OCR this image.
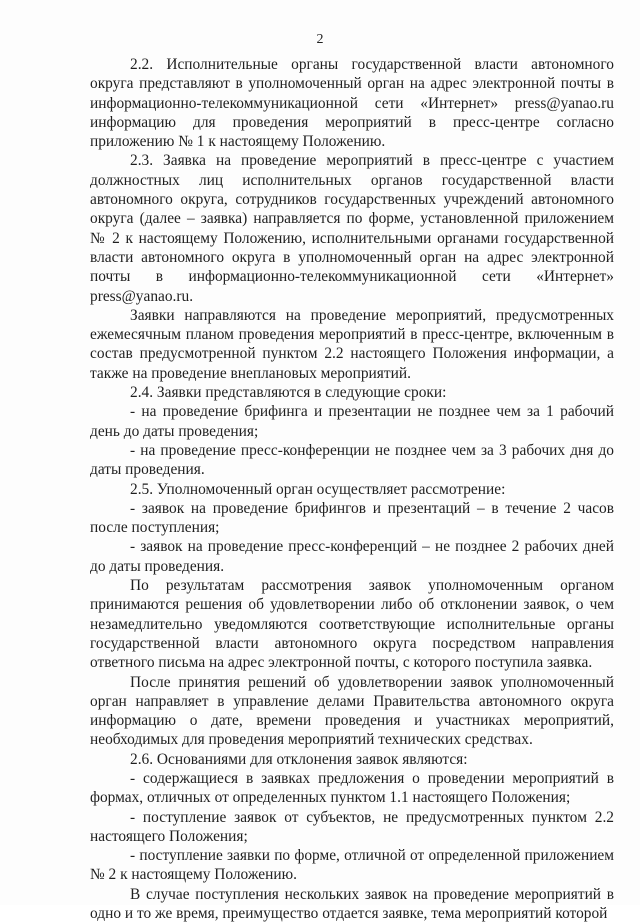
2

2.2. Исполнительные органы государственной власти автономного округа представляют в уполномоченный орган на адрес электронной почты в информационно-телекоммуникационной сети «Интернет» press@yanao.ru информацию для проведения мероприятий в пресс-центре согласно приложению № 1 к настоящему Положению.

2.3. Заявка на проведение мероприятий в пресс-центре с участием должностных лиц исполнительных органов государственной власти автономного округа, сотрудников государственных учреждений автономного округа (далее – заявка) направляется по форме, установленной приложением № 2 к настоящему Положению, исполнительными органами государственной власти автономного округа в уполномоченный орган на адрес электронной почты в информационно-телекоммуникационной сети «Интернет» press@yanao.ru.

Заявки направляются на проведение мероприятий, предусмотренных ежемесячным планом проведения мероприятий в пресс-центре, включенным в состав предусмотренной пунктом 2.2 настоящего Положения информации, а также на проведение внеплановых мероприятий.

2.4. Заявки представляются в следующие сроки:

- на проведение брифинга и презентации не позднее чем за 1 рабочий день до даты проведения;

- на проведение пресс-конференции не позднее чем за 3 рабочих дня до даты проведения.

2.5. Уполномоченный орган осуществляет рассмотрение:

- заявок на проведение брифингов и презентаций – в течение 2 часов после поступления;

- заявок на проведение пресс-конференций – не позднее 2 рабочих дней до даты проведения.

По результатам рассмотрения заявок уполномоченным органом принимаются решения об удовлетворении либо об отклонении заявок, о чем незамедлительно уведомляются соответствующие исполнительные органы государственной власти автономного округа посредством направления ответного письма на адрес электронной почты, с которого поступила заявка.

После принятия решений об удовлетворении заявок уполномоченный орган направляет в управление делами Правительства автономного округа информацию о дате, времени проведения и участниках мероприятий, необходимых для проведения мероприятий технических средствах.

2.6. Основаниями для отклонения заявок являются:

- содержащиеся в заявках предложения о проведении мероприятий в формах, отличных от определенных пунктом 1.1 настоящего Положения;

- поступление заявок от субъектов, не предусмотренных пунктом 2.2 настоящего Положения;

- поступление заявки по форме, отличной от определенной приложением № 2 к настоящему Положению.

В случае поступления нескольких заявок на проведение мероприятий в одно и то же время, преимущество отдается заявке, тема мероприятий которой
